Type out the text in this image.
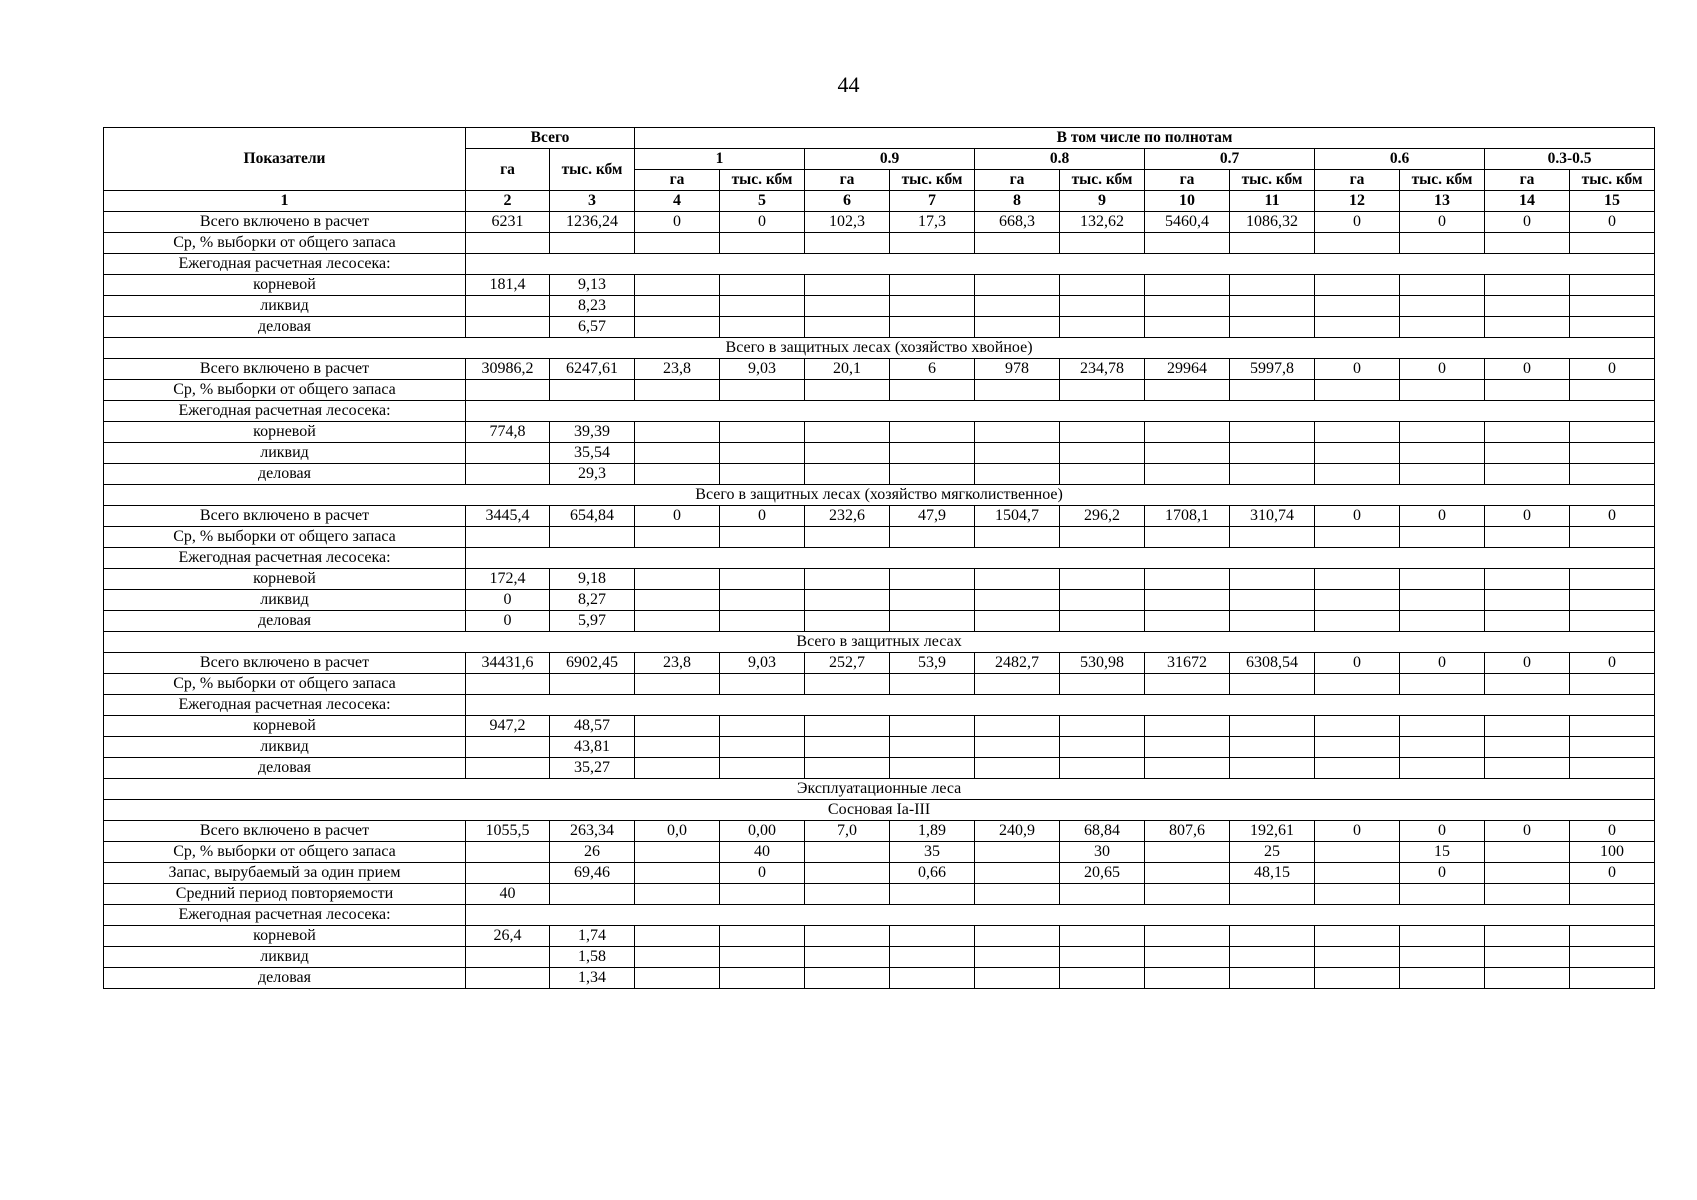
44
Показатели	Всего		В том числе по полнотам											
	га	тыс. кбм	1		0.9		0.8		0.7		0.6		0.3-0.5	
			га	тыс. кбм	га	тыс. кбм	га	тыс. кбм	га	тыс. кбм	га	тыс. кбм	га	тыс. кбм
1	2	3	4	5	6	7	8	9	10	11	12	13	14	15
Всего включено в расчет	6231	1236,24	0	0	102,3	17,3	668,3	132,62	5460,4	1086,32	0	0	0	0
Ср, % выборки от общего запаса														
Ежегодная расчетная лесосека:														
корневой	181,4	9,13												
ликвид		8,23												
деловая		6,57												
Всего в защитных лесах (хозяйство хвойное)														
Всего включено в расчет	30986,2	6247,61	23,8	9,03	20,1	6	978	234,78	29964	5997,8	0	0	0	0
Ср, % выборки от общего запаса														
Ежегодная расчетная лесосека:														
корневой	774,8	39,39												
ликвид		35,54												
деловая		29,3												
Всего в защитных лесах (хозяйство мягколиственное)														
Всего включено в расчет	3445,4	654,84	0	0	232,6	47,9	1504,7	296,2	1708,1	310,74	0	0	0	0
Ср, % выборки от общего запаса														
Ежегодная расчетная лесосека:														
корневой	172,4	9,18												
ликвид	0	8,27												
деловая	0	5,97												
Всего в защитных лесах														
Всего включено в расчет	34431,6	6902,45	23,8	9,03	252,7	53,9	2482,7	530,98	31672	6308,54	0	0	0	0
Ср, % выборки от общего запаса														
Ежегодная расчетная лесосека:														
корневой	947,2	48,57												
ликвид		43,81												
деловая		35,27												
Эксплуатационные леса														
Сосновая Iа-III														
Всего включено в расчет	1055,5	263,34	0,0	0,00	7,0	1,89	240,9	68,84	807,6	192,61	0	0	0	0
Ср, % выборки от общего запаса		26		40		35		30		25		15		100
Запас, вырубаемый за один прием		69,46		0		0,66		20,65		48,15		0		0
Средний период повторяемости	40													
Ежегодная расчетная лесосека:														
корневой	26,4	1,74												
ликвид		1,58												
деловая		1,34												
